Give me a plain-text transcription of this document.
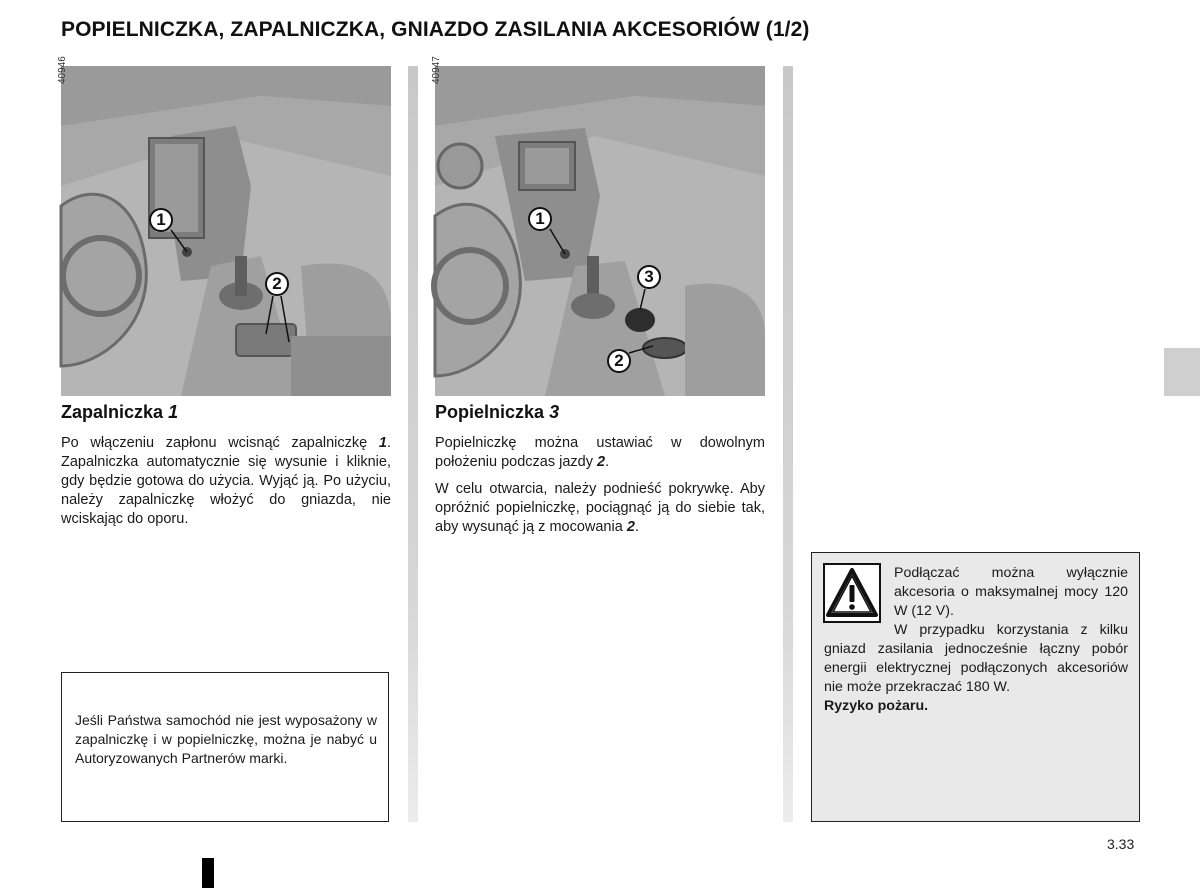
POPIELNICZKA, ZAPALNICZKA, GNIAZDO ZASILANIA AKCESORIÓW (1/2)
40946
1
2
40947
1
3
2
Zapalniczka 1

Po włączeniu zapłonu wcisnąć zapalniczkę 1. Zapalniczka automatycznie się wysunie i kliknie, gdy będzie gotowa do użycia. Wyjąć ją. Po użyciu, należy zapalniczkę włożyć do gniazda, nie wciskając do oporu.

Popielniczka 3

Popielniczkę można ustawiać w dowolnym położeniu podczas jazdy 2.

W celu otwarcia, należy podnieść pokrywkę. Aby opróżnić popielniczkę, pociągnąć ją do siebie tak, aby wysunąć ją z mocowania 2.

Jeśli Państwa samochód nie jest wyposażony w zapalniczkę i w popielniczkę, można je nabyć u Autoryzowanych Partnerów marki.

Podłączać można wyłącznie akcesoria o maksymalnej mocy 120 W (12 V).

W przypadku korzystania z kilku gniazd zasilania jednocześnie łączny pobór energii elektrycznej podłączonych akcesoriów nie może przekraczać 180 W.

Ryzyko pożaru.

3.33
